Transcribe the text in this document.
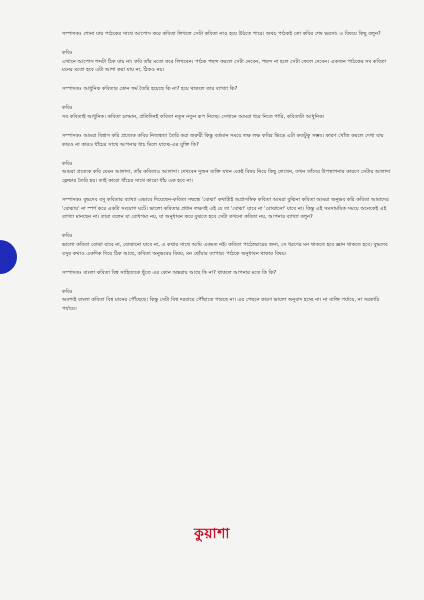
সম্পাদকঃ শোনা যায় পাঠকের সাথে আপোস করে কবিতা লিখলে সেটা কবিতা নাও হয়ে উঠতে পারে। অথচ পাঠকই তো কবির শেষ ভরসা। এ বিষয়ে কিছু বলুন?

কবিঃ

এখানে আপোস শব্দটা ঠিক যায় না। কবি তাঁর মতো করে লিখবেন। পাঠক পছন্দ করলে সেটা নেবেন, পছন্দ না হলে সেটা ফেলে দেবেন। একজন পাঠকের সব কবিতা মনের মতো হবে এটা আশা করা যায় না, ঠিকও নয়।

সম্পাদকঃ আধুনিক কবিতার কোন ফর্ম তৈরি হয়েছে কি না? হয়ে থাকলে তার ব্যাখ্যা কি?

কবিঃ

সব কবিতাই আধুনিক। কবিতা চলমান, প্রতিদিনই কবিতা নতুন নতুন রূপ নিচ্ছে। সেখানে আমরা ধরে নিতে পারি, কবিতাটা আধুনিক।

সম্পাদকঃ আমরা বিশ্বাস করি প্রত্যেক কবির নিজস্বতা তৈরি করা জরুরী কিন্তু বর্তমান সময়ে লক্ষ লক্ষ কবির ভিড়ে এটা কতটুকু সম্ভব। কারণ খোঁজ করলে দেখা যায় কারও না কারও ধাঁচের সাথে আপনার ধাচ মিলে যাচ্ছে-এর যুক্তি কি?

কবিঃ

আমরা প্রত্যেক কবি যেমন আলাদা, তাঁর কবিতাও আলাদা। দেখবেন দুজন ব্যক্তি যখন একই বিষয় নিয়ে কিছু লেখেন, তখন তাঁদের উপস্থাপনার কারণে সেটার আলাদা ফ্লেভার তৈরি হয়। তাই কারো ধাঁচের সাথে কারো ধাঁচ এক হবে না।

সম্পাদকঃ বুদ্ধদেব বসু কবিতার ব্যাখ্যা এভাবে দিয়েছেন-কবিতা সম্বন্ধে 'বোঝা' কথাটাই অপ্রাসঙ্গিক কবিতা আমরা বুঝিনা কবিতা আমরা অনুভব করি কবিতা আমাদের 'বোঝায়' না স্পর্শ করে একটা সংযোগ ঘটে। ভালো কবিতার প্রধান লক্ষণই এই যে তা 'বোঝা' যাবে না 'বোঝানো' যাবে না। কিন্তু এই সমসাময়িক সময়ে অনেকেই এই ব্যাখ্যা মানছেন না। তারা বলেন যা বোধগম্য নয়, যা অনুধাবন করে বুঝতে হবে সেটা কখনো কবিতা নয়, আপনার ব্যাখ্যা বলুন?

কবিঃ

ভালো কবিতা বোঝা যাবে না, বোঝানো যাবে না, এ কথার সাথে আমি একমত নই। কবিতা পাঠোদ্ধারের জন্য, সে ধরণের মন থাকতে হবে জ্ঞান থাকতে হবে। বুদ্ধদেব বসুর কথাও একদিক দিয়ে ঠিক আছে, কবিতা অনুভবের বিষয়, মন ছোঁয়ার ব্যাপার। পাঠকে অনুধাবন থাকার বিষয়।

সম্পাদকঃ বাংলা কবিতা বিশ্ব সাহিত্যকে ছুঁতে এর কোন অন্তরায় আছে কি না? থাকলে আপনার মতে কি কি?

কবিঃ

অবশ্যই বাংলা কবিতা বিশ্ব মানের পৌঁছেছে। কিন্তু সেটা বিশ্ব দরবারে পৌঁছাতে পারছে না। এর পেছনে কারণ ভালো অনুবাদ হচ্ছে না। না ব্যক্তি পর্যায়ে, না সরকারি পর্যায়ে।

কুয়াশা
